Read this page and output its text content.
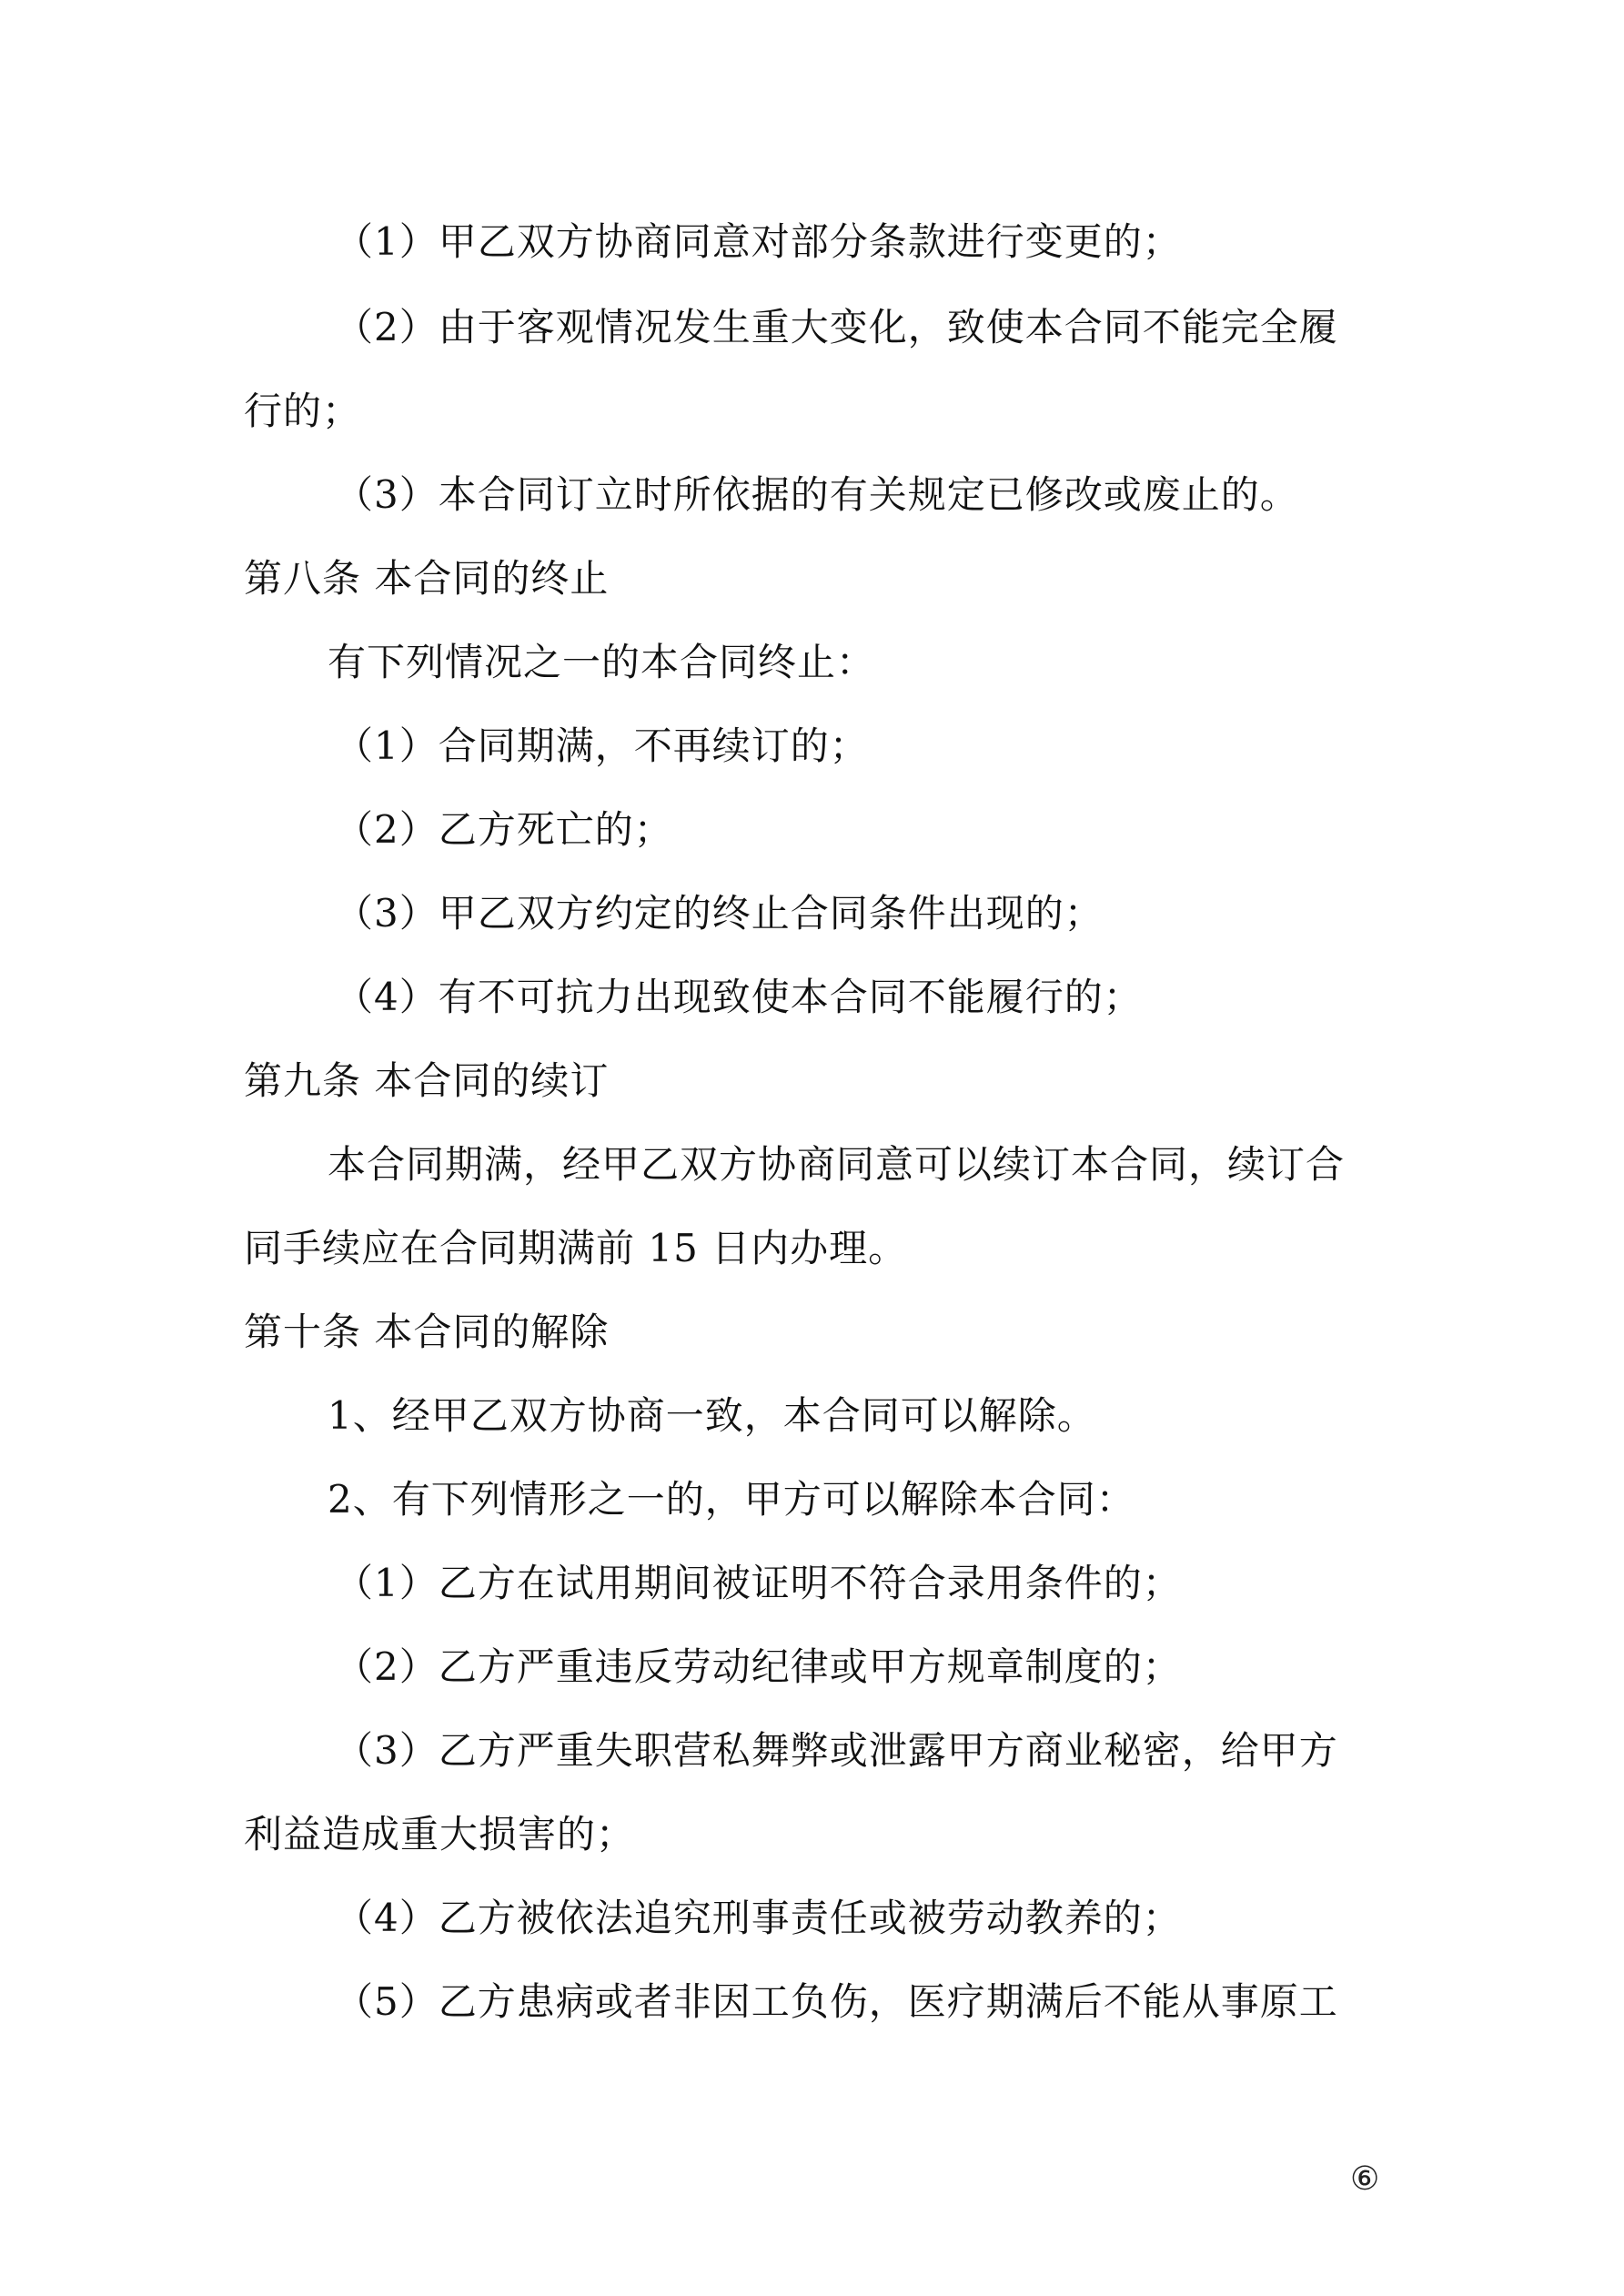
（1）甲乙双方协商同意对部分条款进行变更的；
（2）由于客观情况发生重大变化，致使本合同不能完全履
行的；
（3）本合同订立时所依据的有关规定已修改或废止的。
第八条 本合同的终止
有下列情况之一的本合同终止：
（1）合同期满，不再续订的；
（2）乙方死亡的；
（3）甲乙双方约定的终止合同条件出现的；
（4）有不可抗力出现致使本合同不能履行的；
第九条 本合同的续订
本合同期满，经甲乙双方协商同意可以续订本合同，续订合
同手续应在合同期满前 15 日内办理。
第十条 本合同的解除
1、经甲乙双方协商一致，本合同可以解除。
2、有下列情形之一的，甲方可以解除本合同：
（1）乙方在试用期间被证明不符合录用条件的；
（2）乙方严重违反劳动纪律或甲方规章制度的；
（3）乙方严重失职营私舞弊或泄露甲方商业秘密，给甲方
利益造成重大损害的；
（4）乙方被依法追究刑事责任或被劳动教养的；
（5）乙方患病或者非因工负伤，医疗期满后不能从事原工
⑥
